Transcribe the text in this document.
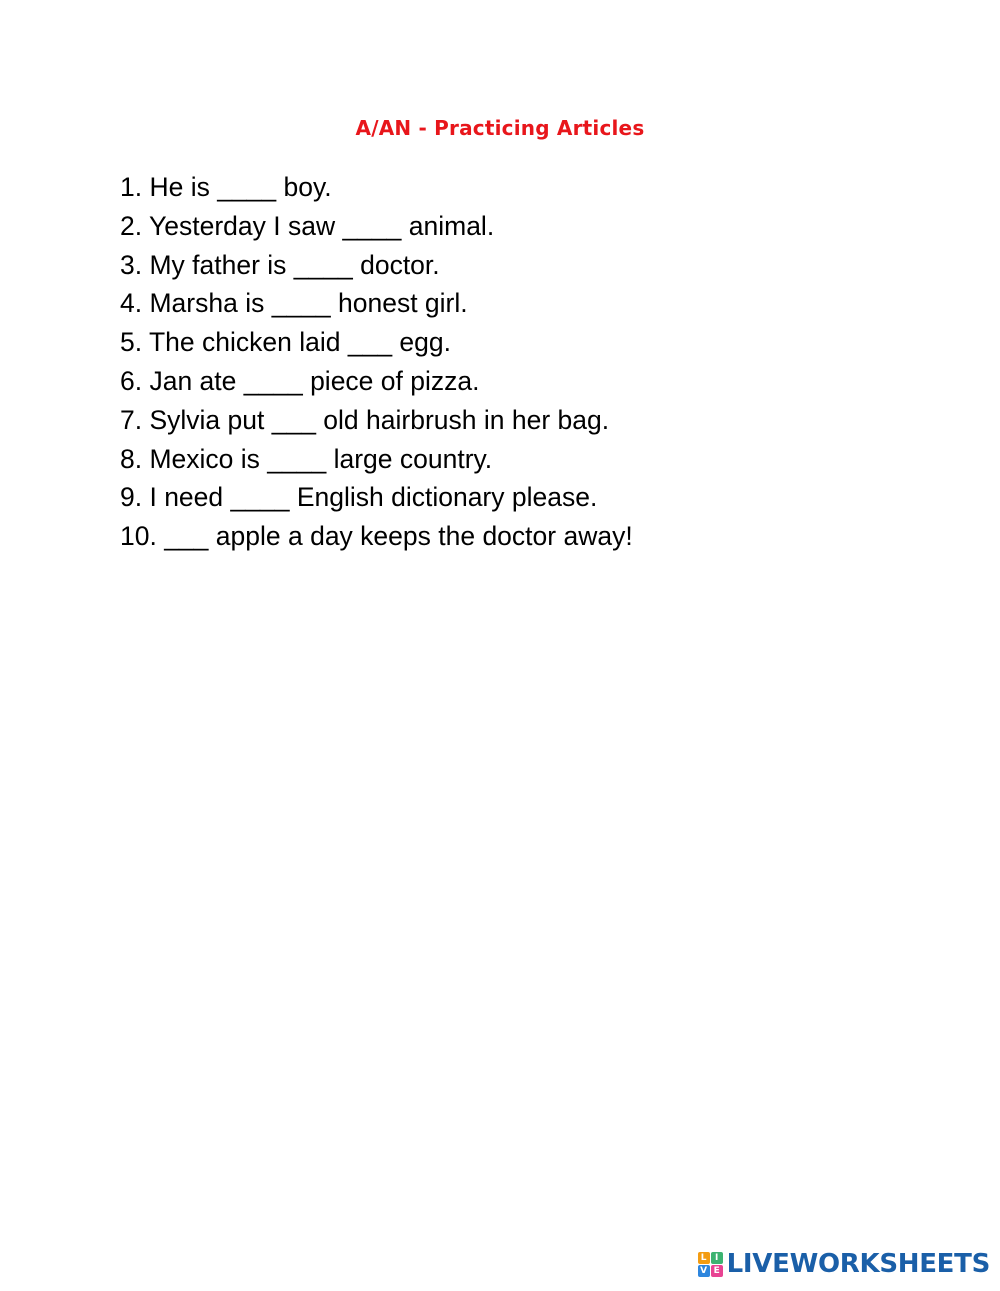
A/AN - Practicing Articles
1. He is ____ boy.
2. Yesterday I saw ____ animal.
3. My father is ____ doctor.
4. Marsha is ____ honest girl.
5. The chicken laid ___ egg.
6. Jan ate ____ piece of pizza.
7. Sylvia put ___ old hairbrush in her bag.
8. Mexico is ____ large country.
9. I need ____ English dictionary please.
10. ___ apple a day keeps the doctor away!
L I
V E LIVEWORKSHEETS
